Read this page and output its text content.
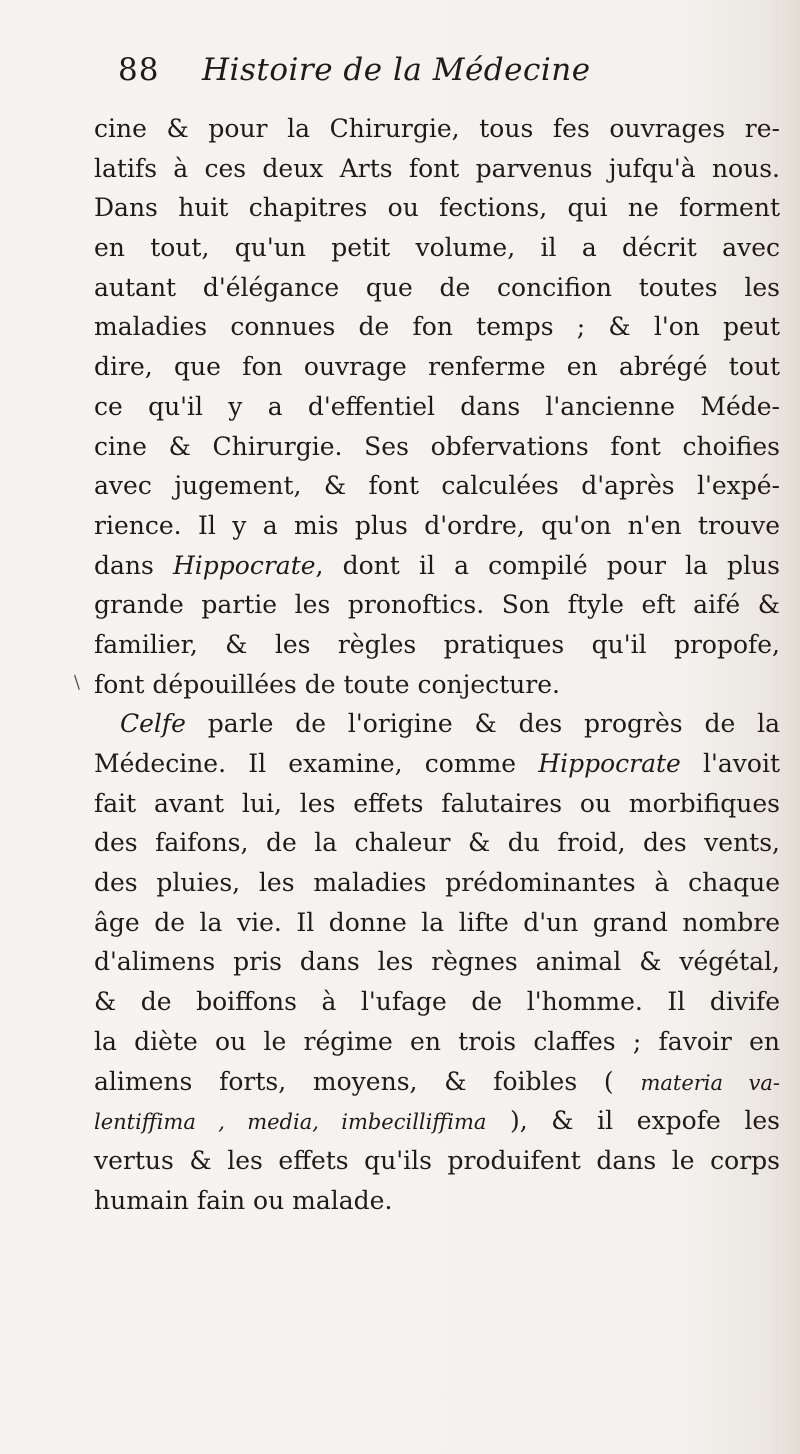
88 Histoire de la Médecine
/
cine & pour la Chirurgie, tous fes ouvrages re-
latifs à ces deux Arts font parvenus jufqu'à nous.
Dans huit chapitres ou fections, qui ne forment
en tout, qu'un petit volume, il a décrit avec
autant d'élégance que de concifion toutes les
maladies connues de fon temps ; & l'on peut
dire, que fon ouvrage renferme en abrégé tout
ce qu'il y a d'effentiel dans l'ancienne Méde-
cine & Chirurgie. Ses obfervations font choifies
avec jugement, & font calculées d'après l'expé-
rience. Il y a mis plus d'ordre, qu'on n'en trouve
dans Hippocrate, dont il a compilé pour la plus
grande partie les pronoftics. Son ftyle eft aifé &
familier, & les règles pratiques qu'il propofe,
font dépouillées de toute conjecture.
Celfe parle de l'origine & des progrès de la
Médecine. Il examine, comme Hippocrate l'avoit
fait avant lui, les effets falutaires ou morbifiques
des faifons, de la chaleur & du froid, des vents,
des pluies, les maladies prédominantes à chaque
âge de la vie. Il donne la lifte d'un grand nombre
d'alimens pris dans les règnes animal & végétal,
& de boiffons à l'ufage de l'homme. Il divife
la diète ou le régime en trois claffes ; favoir en
alimens forts, moyens, & foibles ( materia va-
lentiffima , media, imbecilliffima ), & il expofe les
vertus & les effets qu'ils produifent dans le corps
humain fain ou malade.
